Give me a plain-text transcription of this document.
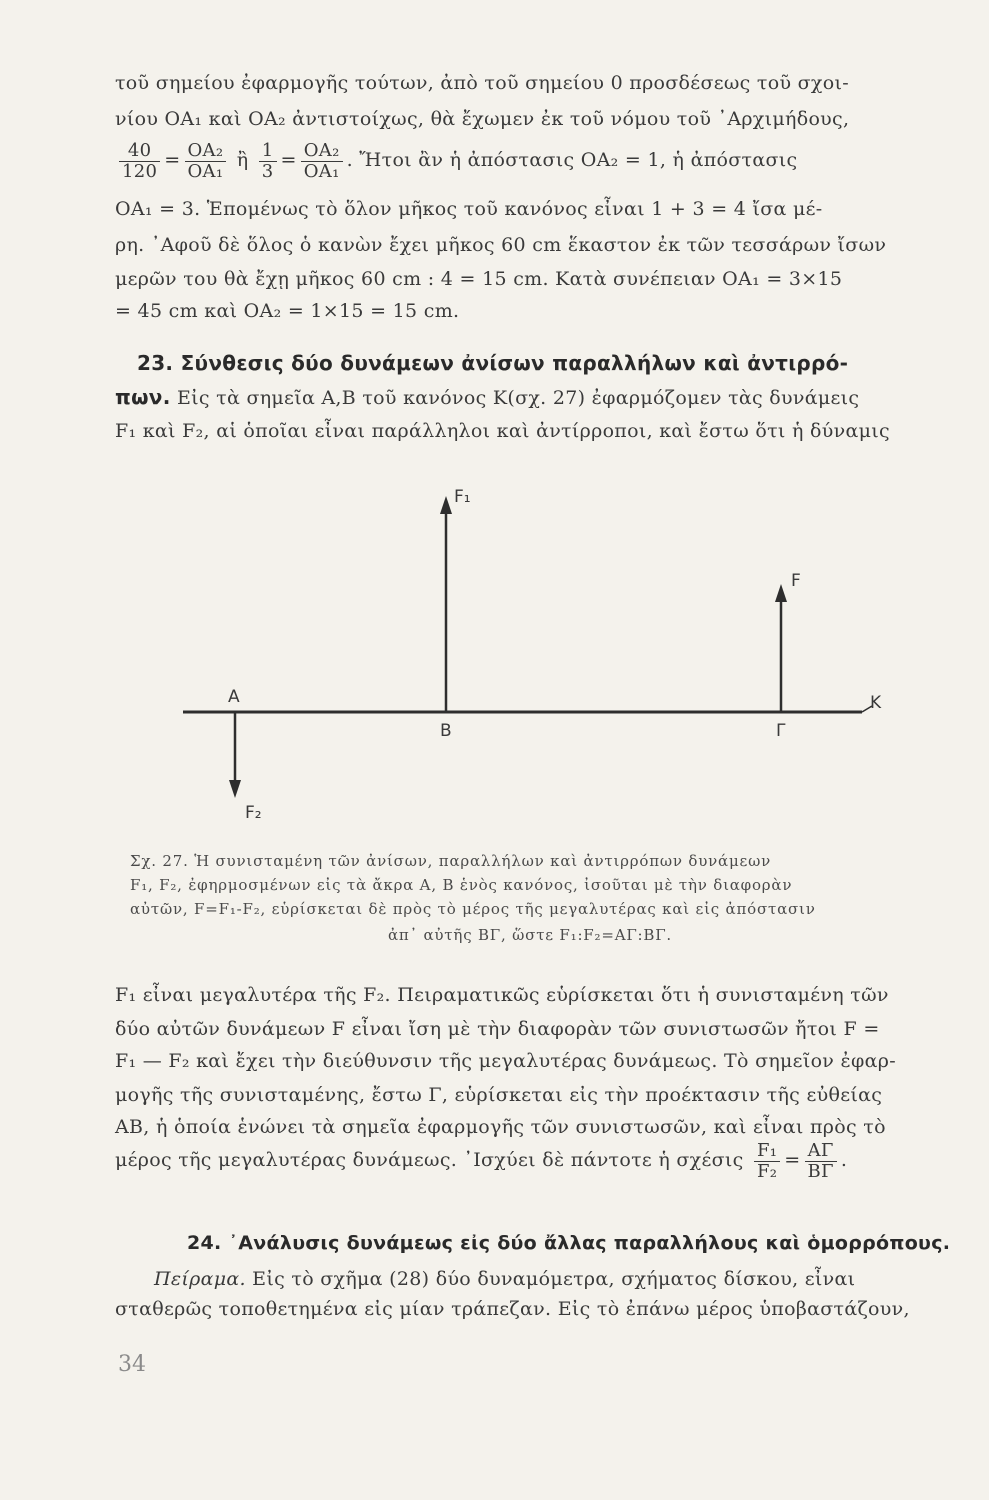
τοῦ σημείου ἐφαρμογῆς τούτων, ἀπὸ τοῦ σημείου 0 προσδέσεως τοῦ σχοι-
νίου ΟΑ₁ καὶ ΟΑ₂ ἀντιστοίχως, θὰ ἔχωμεν ἐκ τοῦ νόμου τοῦ ᾿Αρχιμήδους,
$\frac{40}{120} = \frac{\text{ΟΑ₂}}{\text{ΟΑ₁}}$ ἢ $\frac{1}{3} = \frac{\text{ΟΑ₂}}{\text{ΟΑ₁}}$ . Ἤτοι ἂν ἡ ἀπόστασις ΟΑ₂ = 1, ἡ ἀπόστασις
ΟΑ₁ = 3. Ἑπομένως τὸ ὅλον μῆκος τοῦ κανόνος εἶναι 1 + 3 = 4 ἴσα μέ-
ρη. ᾿Αφοῦ δὲ ὅλος ὁ κανὼν ἔχει μῆκος 60 cm ἕκαστον ἐκ τῶν τεσσάρων ἴσων
μερῶν του θὰ ἔχῃ μῆκος 60 cm : 4 = 15 cm. Κατὰ συνέπειαν ΟΑ₁ = 3×15
= 45 cm καὶ ΟΑ₂ = 1×15 = 15 cm.
23. Σύνθεσις δύο δυνάμεων ἀνίσων παραλλήλων καὶ ἀντιρρό-
πων. Εἰς τὰ σημεῖα Α,Β τοῦ κανόνος Κ(σχ. 27) ἐφαρμόζομεν τὰς δυνάμεις
F₁ καὶ F₂, αἱ ὁποῖαι εἶναι παράλληλοι καὶ ἀντίρροποι, καὶ ἔστω ὅτι ἡ δύναμις
F₁
F
F₂
A
B	Γ
K
Σχ. 27. Ἡ συνισταμένη τῶν ἀνίσων, παραλλήλων καὶ ἀντιρρόπων δυνάμεων
F₁, F₂, ἐφηρμοσμένων εἰς τὰ ἄκρα Α, Β ἑνὸς κανόνος, ἰσοῦται μὲ τὴν διαφορὰν
αὐτῶν, F=F₁-F₂, εὑρίσκεται δὲ πρὸς τὸ μέρος τῆς μεγαλυτέρας καὶ εἰς ἀπόστασιν
ἀπ᾿ αὐτῆς ΒΓ, ὥστε F₁:F₂=ΑΓ:ΒΓ.
F₁ εἶναι μεγαλυτέρα τῆς F₂. Πειραματικῶς εὑρίσκεται ὅτι ἡ συνισταμένη τῶν
δύο αὐτῶν δυνάμεων F εἶναι ἴση μὲ τὴν διαφορὰν τῶν συνιστωσῶν ἤτοι F =
F₁ — F₂ καὶ ἔχει τὴν διεύθυνσιν τῆς μεγαλυτέρας δυνάμεως. Τὸ σημεῖον ἐφαρ-
μογῆς τῆς συνισταμένης, ἔστω Γ, εὑρίσκεται εἰς τὴν προέκτασιν τῆς εὐθείας
ΑΒ, ἡ ὁποία ἑνώνει τὰ σημεῖα ἐφαρμογῆς τῶν συνιστωσῶν, καὶ εἶναι πρὸς τὸ
μέρος τῆς μεγαλυτέρας δυνάμεως. ᾿Ισχύει δὲ πάντοτε ἡ σχέσις $\frac{\text{F₁}}{\text{F₂}} = \frac{A\Gamma}{B\Gamma}$ .
24. ᾿Ανάλυσις δυνάμεως εἰς δύο ἄλλας παραλλήλους καὶ ὁμορρόπους.
Πείραμα. Εἰς τὸ σχῆμα (28) δύο δυναμόμετρα, σχήματος δίσκου, εἶναι
σταθερῶς τοποθετημένα εἰς μίαν τράπεζαν. Εἰς τὸ ἐπάνω μέρος ὑποβαστάζουν,
34
